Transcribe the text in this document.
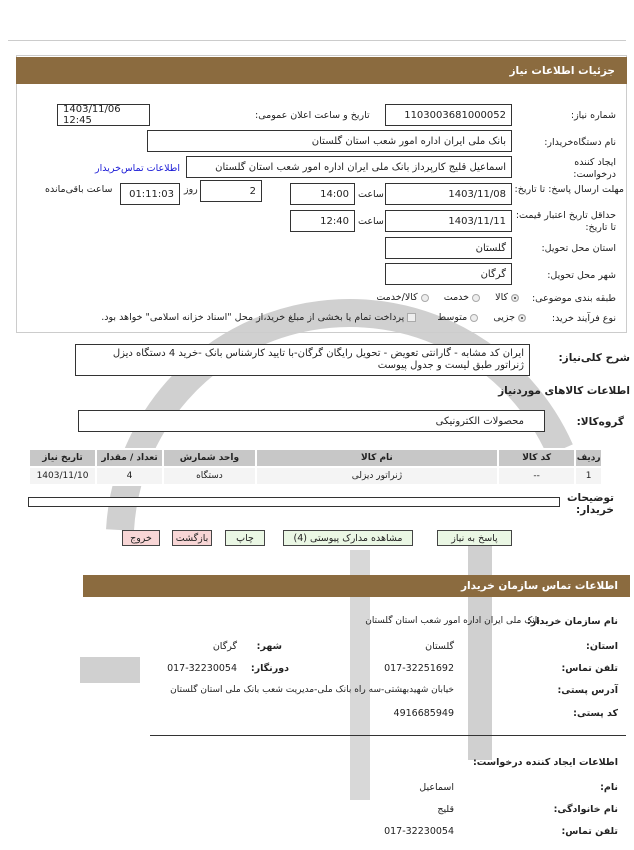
جزئیات اطلاعات نیاز
شماره نیاز:
1103003681000052
تاریخ و ساعت اعلان عمومی:
1403/11/06 12:45
نام دستگاه‌خریدار:
بانک ملی ایران اداره امور شعب استان گلستان
ایجاد کننده درخواست:
اسماعیل قلیج کارپرداز بانک ملی ایران اداره امور شعب استان گلستان
اطلاعات تماس‌خریدار
مهلت ارسال پاسخ: تا تاریخ:
1403/11/08
ساعت
14:00
2
روز
01:11:03
ساعت باقی‌مانده
حداقل تاریخ اعتبار قیمت: تا تاریخ:
1403/11/11
ساعت
12:40
استان محل تحویل:
گلستان
شهر محل تحویل:
گرگان
طبقه بندی موضوعی:
کالا     خدمت     کالا/خدمت
نوع فرآیند خرید:
جزیی     متوسط       پرداخت تمام یا بخشی از مبلغ خرید،از محل "اسناد خزانه اسلامی" خواهد بود.
شرح کلی‌نیاز:
ایران کد مشابه - گارانتی تعویض - تحویل رایگان گرگان-با تایید کارشناس بانک -خرید 4 دستگاه دیزل ژنراتور طبق لیست و جدول پیوست
اطلاعات کالاهای موردنیاز
گروه‌کالا:
محصولات الکترونیکی
ردیف	کد کالا	نام کالا	واحد شمارش	تعداد / مقدار	تاریخ نیاز
1	--	ژنراتور دیزلی	دستگاه	4	1403/11/10
توضیحات خریدار:
پاسخ به نیاز
مشاهده مدارک پیوستی (4)
چاپ
بازگشت
خروج
اطلاعات تماس سازمان خریدار
نام سازمان خریدار:
بانک ملی ایران اداره امور شعب استان گلستان
استان:
گلستان
شهر:
گرگان
تلفن تماس:
017-32251692
دورنگار:
017-32230054
آدرس پستی:
خیابان شهیدبهشتی-سه راه بانک ملی-مدیریت شعب بانک ملی استان گلستان
کد پستی:
4916685949
اطلاعات ایجاد کننده درخواست:
نام:
اسماعیل
نام خانوادگی:
قلیج
تلفن تماس:
017-32230054
